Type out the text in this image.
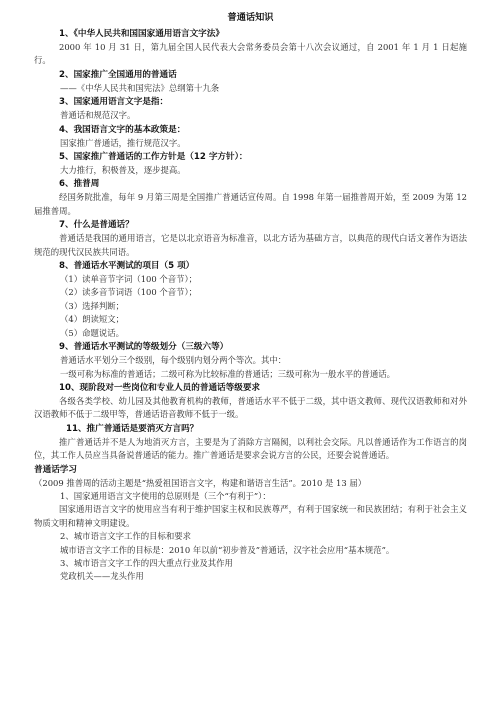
普通话知识
1、《中华人民共和国国家通用语言文字法》
2000 年 10 月 31 日，第九届全国人民代表大会常务委员会第十八次会议通过，自 2001 年 1 月 1 日起施行。
2、国家推广全国通用的普通话
——《中华人民共和国宪法》总纲第十九条
3、国家通用语言文字是指：
普通话和规范汉字。
4、我国语言文字的基本政策是：
国家推广普通话，推行规范汉字。
5、国家推广普通话的工作方针是（12 字方针）：
大力推行，积极普及，逐步提高。
6、推普周
经国务院批准，每年 9 月第三周是全国推广普通话宣传周。自 1998 年第一届推普周开始，至 2009 为第 12 届推普周。
7、什么是普通话？
普通话是我国的通用语言，它是以北京语音为标准音，以北方话为基础方言，以典范的现代白话文著作为语法规范的现代汉民族共同语。
8、普通话水平测试的项目（5 项）
（1）读单音节字词（100 个音节）；
（2）读多音节词语（100 个音节）；
（3）选择判断；
（4）朗读短文；
（5）命题说话。
9、普通话水平测试的等级划分（三级六等）
普通话水平划分三个级别，每个级别内划分两个等次。其中：
一级可称为标准的普通话；二级可称为比较标准的普通话；三级可称为一般水平的普通话。
10、现阶段对一些岗位和专业人员的普通话等级要求
各级各类学校、幼儿园及其他教育机构的教师，普通话水平不低于二级，其中语文教师、现代汉语教师和对外汉语教师不低于二级甲等，普通话语音教师不低于一级。
11、推广普通话是要消灭方言吗？
推广普通话并不是人为地消灭方言，主要是为了消除方言隔阂，以利社会交际。凡以普通话作为工作语言的岗位，其工作人员应当具备说普通话的能力。推广普通话是要求会说方言的公民，还要会说普通话。
普通话学习
（2009 推普周的活动主题是“热爱祖国语言文字，构建和谐语言生活”。2010 是 13 届）
1、国家通用语言文字使用的总原则是（三个“有利于”）：
国家通用语言文字的使用应当有利于维护国家主权和民族尊严，有利于国家统一和民族团结；有利于社会主义物质文明和精神文明建设。
2、城市语言文字工作的目标和要求
城市语言文字工作的目标是：2010 年以前“初步普及”普通话，汉字社会应用“基本规范”。
3、城市语言文字工作的四大重点行业及其作用
党政机关——龙头作用
